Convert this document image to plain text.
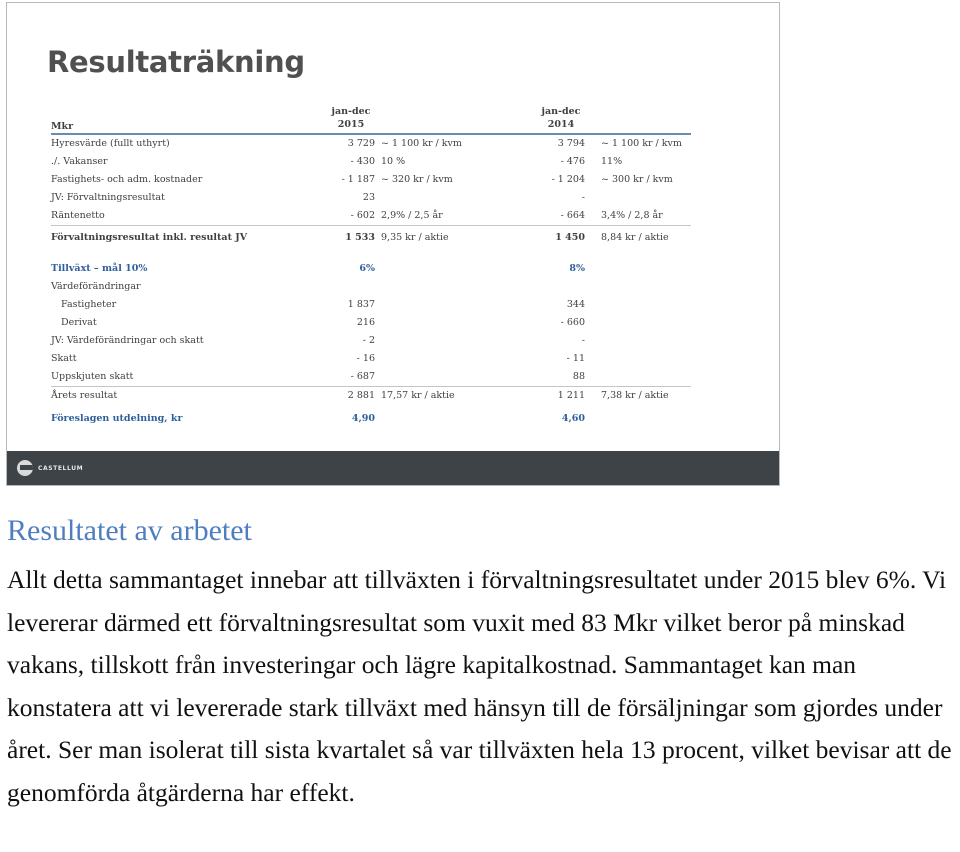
Resultaträkning
Mkr
jan-dec
2015
jan-dec
2014
Hyresvärde (fullt uthyrt)	3 729 ~ 1 100 kr / kvm	3 794 ~ 1 100 kr / kvm
./. Vakanser	- 430 10 %	- 476 11%
Fastighets- och adm. kostnader	- 1 187 ~ 320 kr / kvm	- 1 204 ~ 300 kr / kvm
JV: Förvaltningsresultat	23	-
Räntenetto	- 602 2,9% / 2,5 år	- 664 3,4% / 2,8 år
Förvaltningsresultat inkl. resultat JV	1 533 9,35 kr / aktie	1 450 8,84 kr / aktie
Tillväxt – mål 10%	6%	8%
Värdeförändringar
Fastigheter	1 837	344
Derivat	216	- 660
JV: Värdeförändringar och skatt	- 2	-
Skatt	- 16	- 11
Uppskjuten skatt	- 687	88
Årets resultat	2 881 17,57 kr / aktie	1 211 7,38 kr / aktie
Föreslagen utdelning, kr	4,90	4,60
CASTELLUM
Resultatet av arbetet

Allt detta sammantaget innebar att tillväxten i förvaltningsresultatet under 2015 blev 6%. Vi levererar därmed ett förvaltningsresultat som vuxit med 83 Mkr vilket beror på minskad vakans, tillskott från investeringar och lägre kapitalkostnad. Sammantaget kan man konstatera att vi levererade stark tillväxt med hänsyn till de försäljningar som gjordes under året. Ser man isolerat till sista kvartalet så var tillväxten hela 13 procent, vilket bevisar att de genomförda åtgärderna har effekt.
